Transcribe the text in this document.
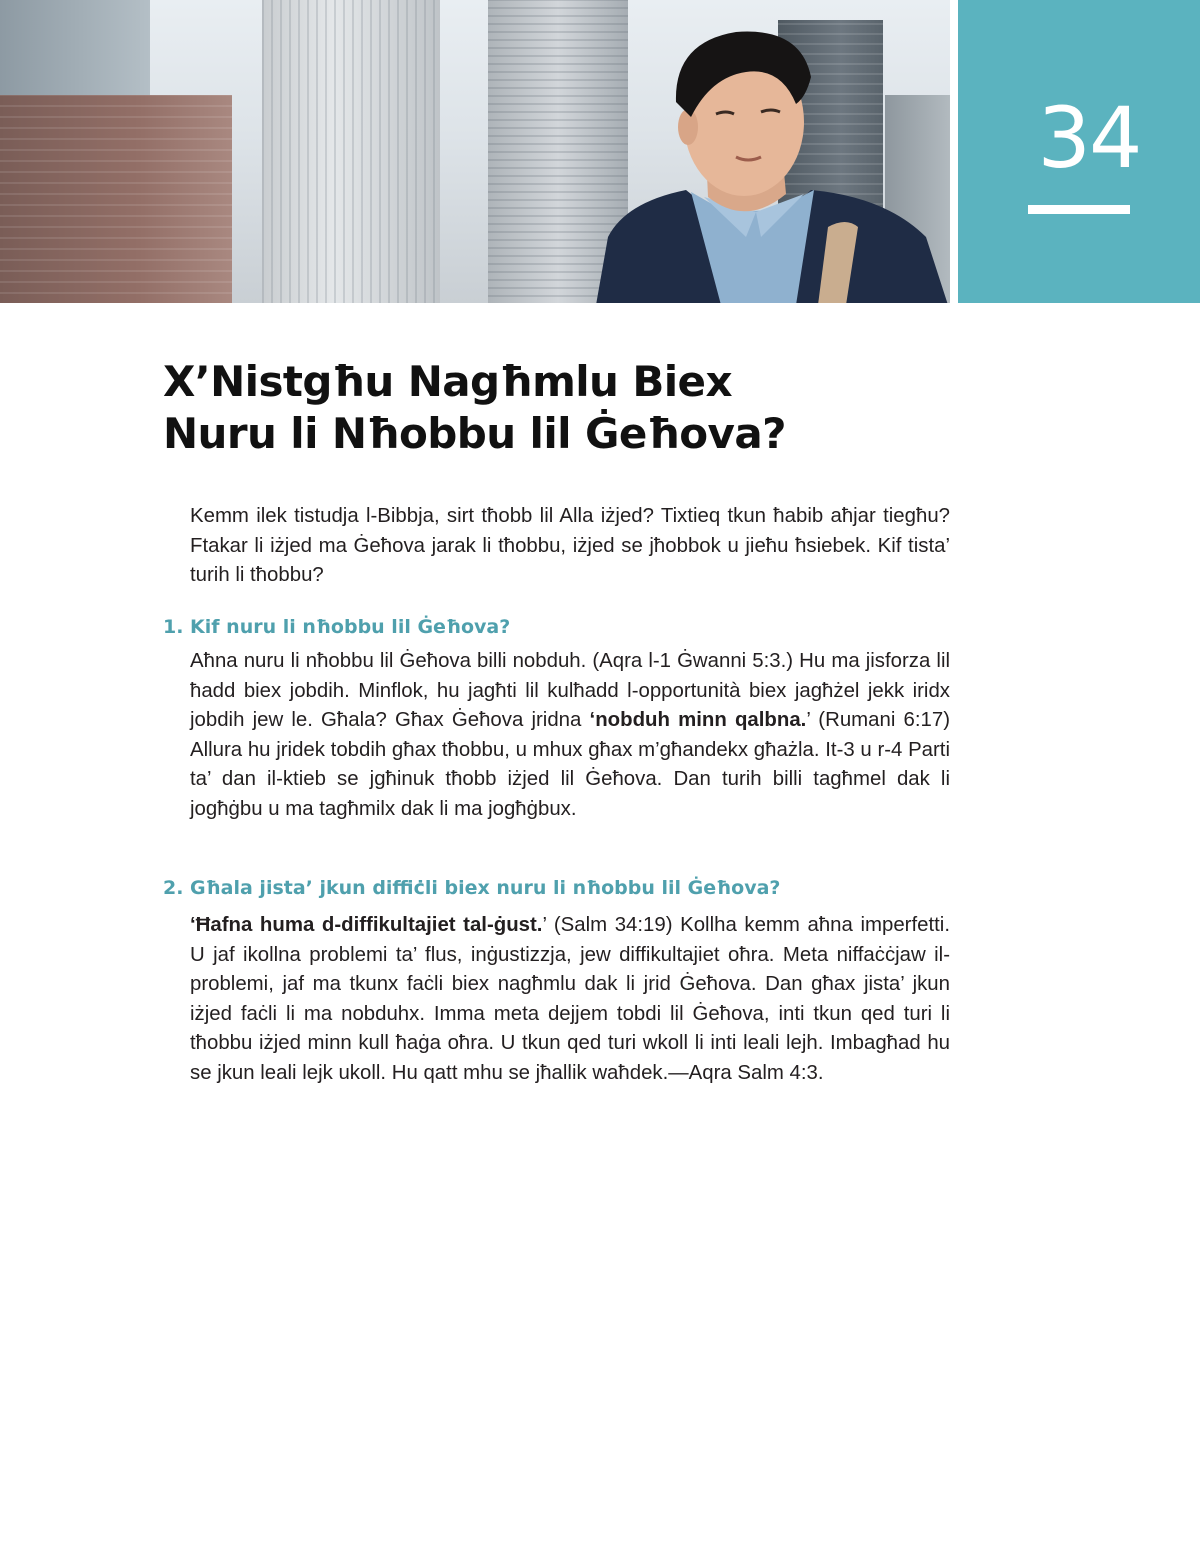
34
X’Nistgħu Nagħmlu Biex
Nuru li Nħobbu lil Ġeħova?

Kemm ilek tistudja l-Bibbja, sirt tħobb lil Alla iżjed? Tixtieq tkun ħabib aħjar tiegħu? Ftakar li iżjed ma Ġeħova jarak li tħobbu, iżjed se jħobbok u jieħu ħsiebek. Kif tista’ turih li tħobbu?

1. Kif nuru li nħobbu lil Ġeħova?

Aħna nuru li nħobbu lil Ġeħova billi nobduh. (Aqra l-1 Ġwanni 5:3.) Hu ma jisforza lil ħadd biex jobdih. Minflok, hu jagħti lil kulħadd l-opportunità biex jagħżel jekk iridx jobdih jew le. Għala? Għax Ġeħova jridna ‘nobduh minn qalbna.’ (Rumani 6:17) Allura hu jridek tobdih għax tħobbu, u mhux għax m’għandekx għażla. It-3 u r-4 Parti ta’ dan il-ktieb se jgħinuk tħobb iżjed lil Ġeħova. Dan turih billi tagħmel dak li jogħġbu u ma tagħmilx dak li ma jogħġbux.

2. Għala jista’ jkun diffiċli biex nuru li nħobbu lil Ġeħova?

‘Ħafna huma d-diffikultajiet tal-ġust.’ (Salm 34:19) Kollha kemm aħna imperfetti. U jaf ikollna problemi ta’ flus, inġustizzja, jew diffikultajiet oħra. Meta niffaċċjaw il-problemi, jaf ma tkunx faċli biex nagħmlu dak li jrid Ġeħova. Dan għax jista’ jkun iżjed faċli li ma nobduhx. Imma meta dejjem tobdi lil Ġeħova, inti tkun qed turi li tħobbu iżjed minn kull ħaġa oħra. U tkun qed turi wkoll li inti leali lejh. Imbagħad hu se jkun leali lejk ukoll. Hu qatt mhu se jħallik waħdek.—Aqra Salm 4:3.
